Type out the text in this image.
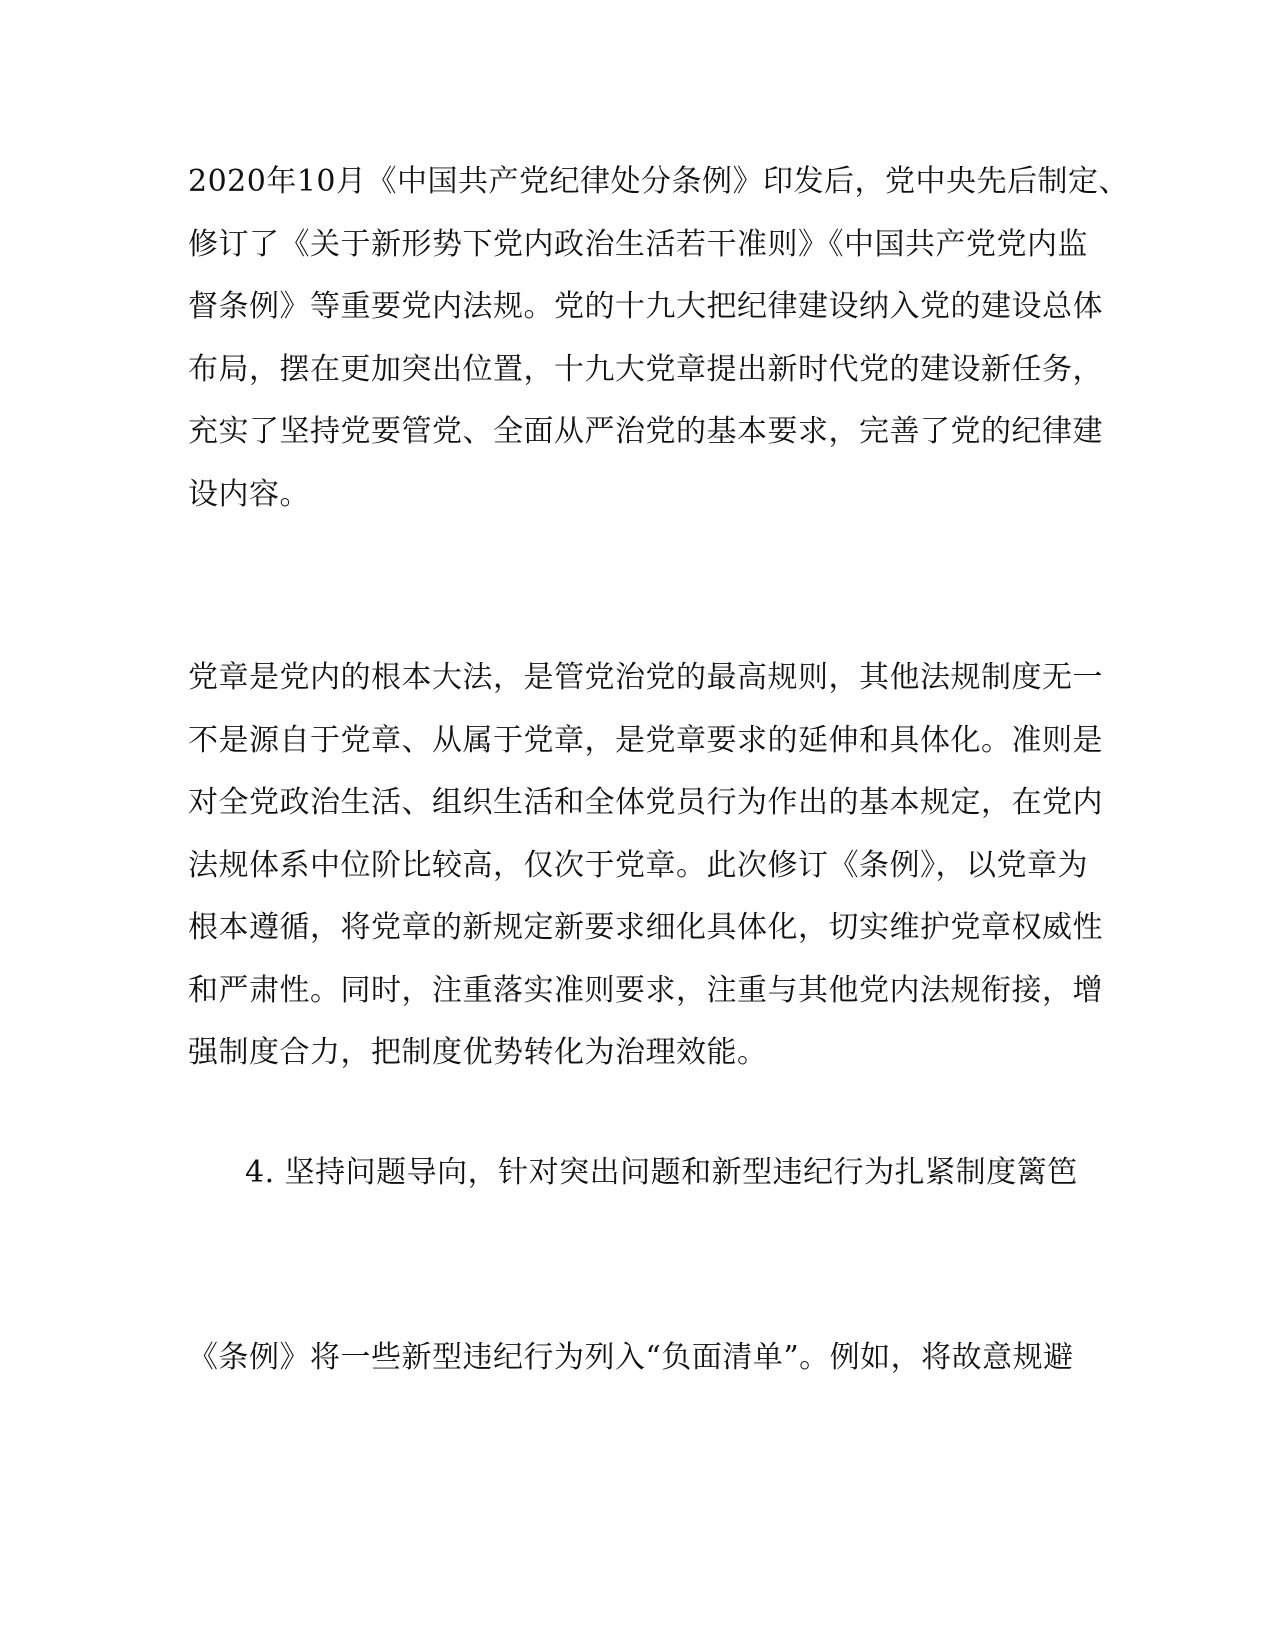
2020年10月《中国共产党纪律处分条例》印发后，党中央先后制定、
修订了《关于新形势下党内政治生活若干准则》《中国共产党党内监
督条例》等重要党内法规。党的十九大把纪律建设纳入党的建设总体
布局，摆在更加突出位置，十九大党章提出新时代党的建设新任务，
充实了坚持党要管党、全面从严治党的基本要求，完善了党的纪律建
设内容。
党章是党内的根本大法，是管党治党的最高规则，其他法规制度无一
不是源自于党章、从属于党章，是党章要求的延伸和具体化。准则是
对全党政治生活、组织生活和全体党员行为作出的基本规定，在党内
法规体系中位阶比较高，仅次于党章。此次修订《条例》，以党章为
根本遵循，将党章的新规定新要求细化具体化，切实维护党章权威性
和严肃性。同时，注重落实准则要求，注重与其他党内法规衔接，增
强制度合力，把制度优势转化为治理效能。
4. 坚持问题导向，针对突出问题和新型违纪行为扎紧制度篱笆
《条例》将一些新型违纪行为列入“负面清单”。例如，将故意规避
